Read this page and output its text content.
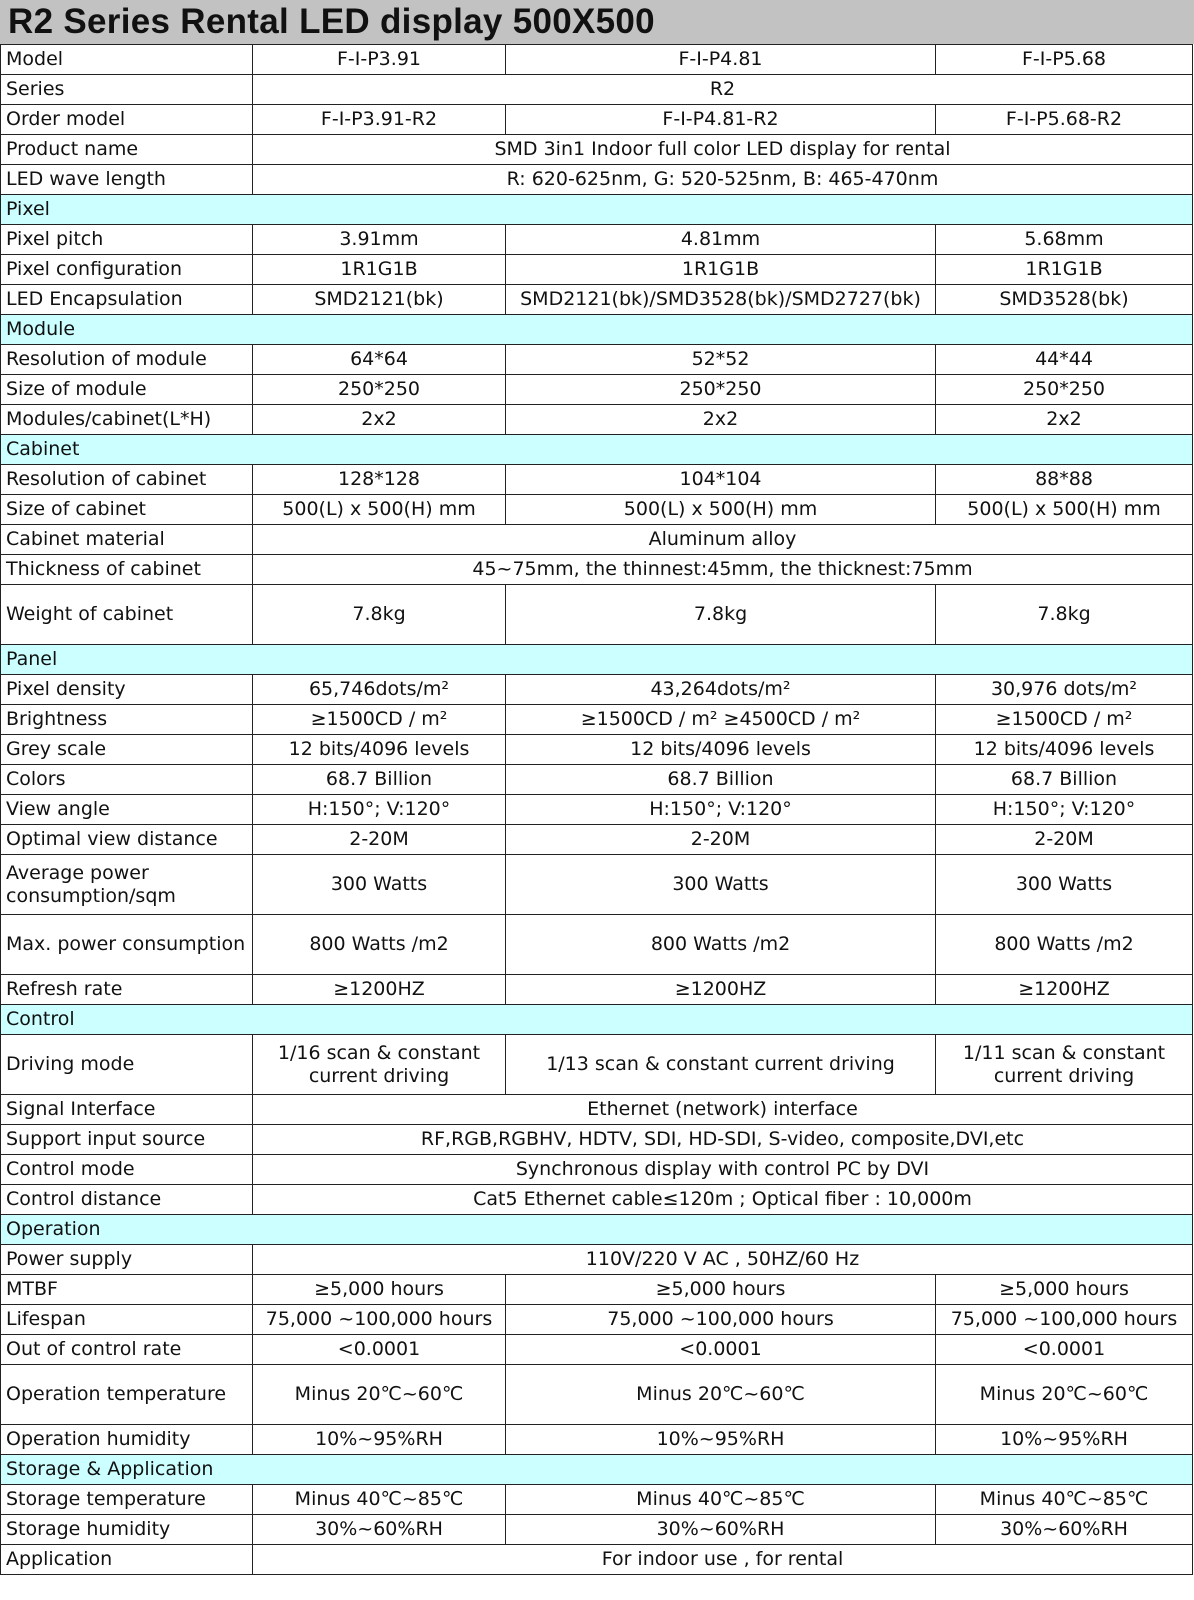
R2 Series Rental LED display 500X500
Model	F-I-P3.91	F-I-P4.81	F-I-P5.68
Series	R2		
Order model	F-I-P3.91-R2	F-I-P4.81-R2	F-I-P5.68-R2
Product name	SMD 3in1 Indoor full color LED display for rental		
LED wave length	R: 620-625nm, G: 520-525nm, B: 465-470nm		
Pixel			
Pixel pitch	3.91mm	4.81mm	5.68mm
Pixel configuration	1R1G1B	1R1G1B	1R1G1B
LED Encapsulation	SMD2121(bk)	SMD2121(bk)/SMD3528(bk)/SMD2727(bk)	SMD3528(bk)
Module			
Resolution of module	64*64	52*52	44*44
Size of module	250*250	250*250	250*250
Modules/cabinet(L*H)	2x2	2x2	2x2
Cabinet			
Resolution of cabinet	128*128	104*104	88*88
Size of cabinet	500(L) x 500(H) mm	500(L) x 500(H) mm	500(L) x 500(H) mm
Cabinet material	Aluminum alloy		
Thickness of cabinet	45~75mm, the thinnest:45mm, the thicknest:75mm		
Weight of cabinet	7.8kg	7.8kg	7.8kg
Panel			
Pixel density	65,746dots/m²	43,264dots/m²	30,976 dots/m²
Brightness	≥1500CD / m²	≥1500CD / m² ≥4500CD / m²	≥1500CD / m²
Grey scale	12 bits/4096 levels	12 bits/4096 levels	12 bits/4096 levels
Colors	68.7 Billion	68.7 Billion	68.7 Billion
View angle	H:150°; V:120°	H:150°; V:120°	H:150°; V:120°
Optimal view distance	2-20M	2-20M	2-20M
Average power consumption/sqm	300 Watts	300 Watts	300 Watts
Max. power consumption	800 Watts /m2	800 Watts /m2	800 Watts /m2
Refresh rate	≥1200HZ	≥1200HZ	≥1200HZ
Control			
Driving mode	1/16 scan & constant current driving	1/13 scan & constant current driving	1/11 scan & constant current driving
Signal Interface	Ethernet (network) interface		
Support input source	RF,RGB,RGBHV, HDTV, SDI, HD-SDI, S-video, composite,DVI,etc		
Control mode	Synchronous display with control PC by DVI		
Control distance	Cat5 Ethernet cable≤120m ; Optical fiber : 10,000m		
Operation			
Power supply	110V/220 V AC , 50HZ/60 Hz		
MTBF	≥5,000 hours	≥5,000 hours	≥5,000 hours
Lifespan	75,000 ~100,000 hours	75,000 ~100,000 hours	75,000 ~100,000 hours
Out of control rate	<0.0001	<0.0001	<0.0001
Operation temperature	Minus 20℃~60℃	Minus 20℃~60℃	Minus 20℃~60℃
Operation humidity	10%~95%RH	10%~95%RH	10%~95%RH
Storage & Application			
Storage temperature	Minus 40℃~85℃	Minus 40℃~85℃	Minus 40℃~85℃
Storage humidity	30%~60%RH	30%~60%RH	30%~60%RH
Application	For indoor use , for rental		
